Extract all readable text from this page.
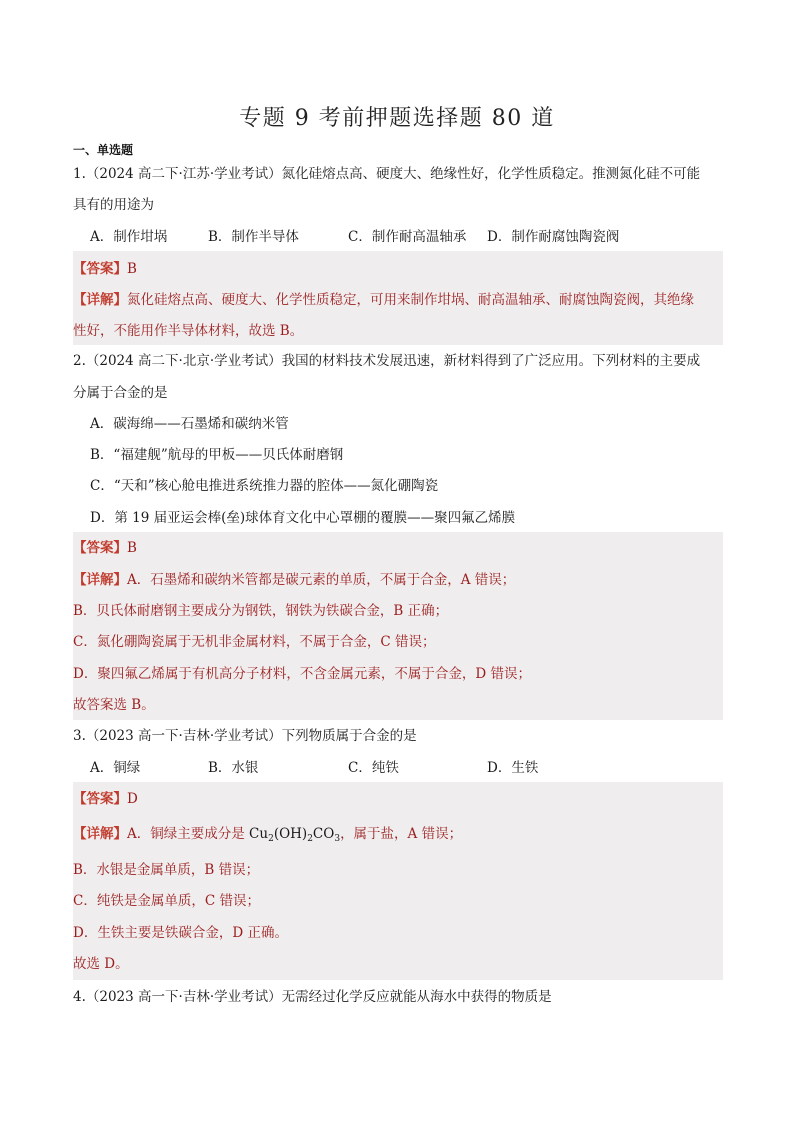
专题 9 考前押题选择题 80 道
一、单选题
1.（2024 高二下·江苏·学业考试）氮化硅熔点高、硬度大、绝缘性好，化学性质稳定。推测氮化硅不可能
具有的用途为
A．制作坩埚	B．制作半导体	C．制作耐高温轴承 D．制作耐腐蚀陶瓷阀
【答案】B
【详解】氮化硅熔点高、硬度大、化学性质稳定，可用来制作坩埚、耐高温轴承、耐腐蚀陶瓷阀，其绝缘
性好，不能用作半导体材料，故选 B。
2.（2024 高二下·北京·学业考试）我国的材料技术发展迅速，新材料得到了广泛应用。下列材料的主要成
分属于合金的是
A．碳海绵——石墨烯和碳纳米管
B．“福建舰”航母的甲板——贝氏体耐磨钢
C．“天和”核心舱电推进系统推力器的腔体——氮化硼陶瓷
D．第 19 届亚运会棒(垒)球体育文化中心罩棚的覆膜——聚四氟乙烯膜
【答案】B
【详解】A．石墨烯和碳纳米管都是碳元素的单质，不属于合金，A 错误；
B．贝氏体耐磨钢主要成分为钢铁，钢铁为铁碳合金，B 正确；
C．氮化硼陶瓷属于无机非金属材料，不属于合金，C 错误；
D．聚四氟乙烯属于有机高分子材料，不含金属元素，不属于合金，D 错误；
故答案选 B。
3.（2023 高一下·吉林·学业考试）下列物质属于合金的是
A．铜绿	B．水银	C．纯铁	D．生铁
【答案】D
【详解】A．铜绿主要成分是 $Cu_2(OH)_2CO_3$，属于盐，A 错误；
B．水银是金属单质，B 错误；
C．纯铁是金属单质，C 错误；
D．生铁主要是铁碳合金，D 正确。
故选 D。
4.（2023 高一下·吉林·学业考试）无需经过化学反应就能从海水中获得的物质是
